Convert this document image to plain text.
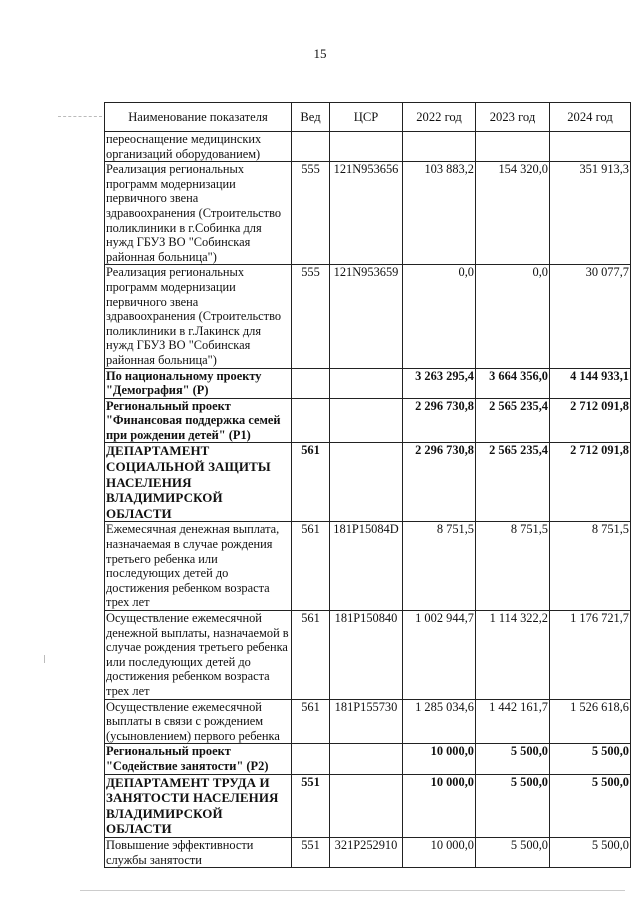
15
Наименование показателя	Вед	ЦСР	2022 год	2023 год	2024 год
переоснащение медицинских организаций оборудованием)					
Реализация региональных программ модернизации первичного звена здравоохранения (Строительство поликлиники в г.Собинка для нужд ГБУЗ ВО "Собинская районная больница")	555	121N953656	103 883,2	154 320,0	351 913,3
Реализация региональных программ модернизации первичного звена здравоохранения (Строительство поликлиники в г.Лакинск для нужд ГБУЗ ВО "Собинская районная больница")	555	121N953659	0,0	0,0	30 077,7
По национальному проекту "Демография" (Р)			3 263 295,4	3 664 356,0	4 144 933,1
Региональный проект "Финансовая поддержка семей при рождении детей" (Р1)			2 296 730,8	2 565 235,4	2 712 091,8
ДЕПАРТАМЕНТ СОЦИАЛЬНОЙ ЗАЩИТЫ НАСЕЛЕНИЯ ВЛАДИМИРСКОЙ ОБЛАСТИ	561		2 296 730,8	2 565 235,4	2 712 091,8
Ежемесячная денежная выплата, назначаемая в случае рождения третьего ребенка или последующих детей до достижения ребенком возраста трех лет	561	181P15084D	8 751,5	8 751,5	8 751,5
Осуществление ежемесячной денежной выплаты, назначаемой в случае рождения третьего ребенка или последующих детей до достижения ребенком возраста трех лет	561	181P150840	1 002 944,7	1 114 322,2	1 176 721,7
Осуществление ежемесячной выплаты в связи с рождением (усыновлением) первого ребенка	561	181P155730	1 285 034,6	1 442 161,7	1 526 618,6
Региональный проект "Содействие занятости" (Р2)			10 000,0	5 500,0	5 500,0
ДЕПАРТАМЕНТ ТРУДА И ЗАНЯТОСТИ НАСЕЛЕНИЯ ВЛАДИМИРСКОЙ ОБЛАСТИ	551		10 000,0	5 500,0	5 500,0
Повышение эффективности службы занятости	551	321P252910	10 000,0	5 500,0	5 500,0
